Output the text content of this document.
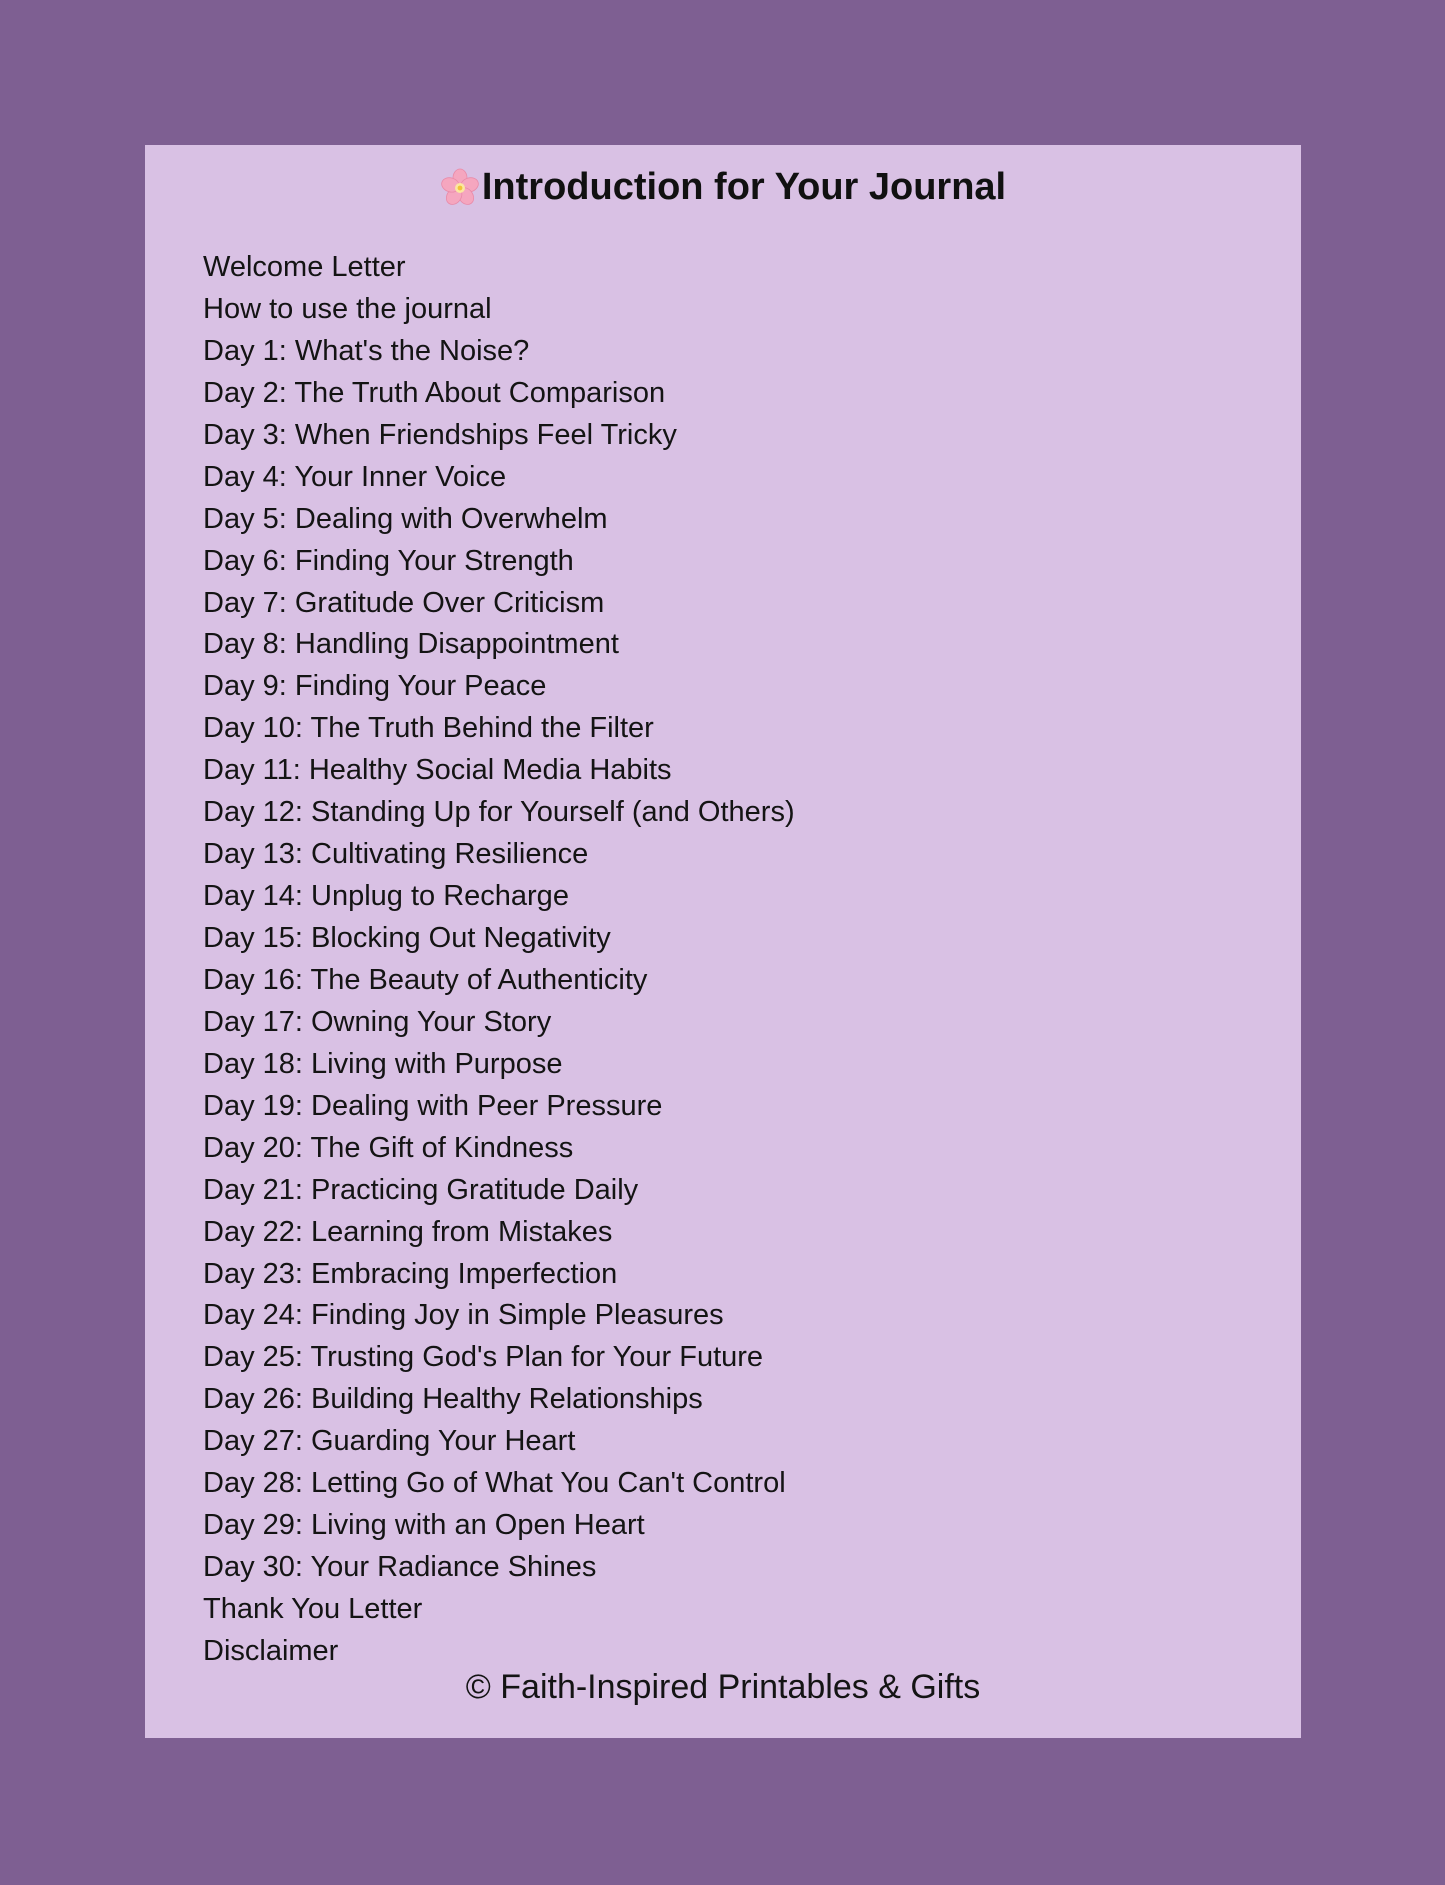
Introduction for Your Journal
Welcome Letter
How to use the journal
Day 1: What's the Noise?
Day 2: The Truth About Comparison
Day 3: When Friendships Feel Tricky
Day 4: Your Inner Voice
Day 5: Dealing with Overwhelm
Day 6: Finding Your Strength
Day 7: Gratitude Over Criticism
Day 8: Handling Disappointment
Day 9: Finding Your Peace
Day 10: The Truth Behind the Filter
Day 11: Healthy Social Media Habits
Day 12: Standing Up for Yourself (and Others)
Day 13: Cultivating Resilience
Day 14: Unplug to Recharge
Day 15: Blocking Out Negativity
Day 16: The Beauty of Authenticity
Day 17: Owning Your Story
Day 18: Living with Purpose
Day 19: Dealing with Peer Pressure
Day 20: The Gift of Kindness
Day 21: Practicing Gratitude Daily
Day 22: Learning from Mistakes
Day 23: Embracing Imperfection
Day 24: Finding Joy in Simple Pleasures
Day 25: Trusting God's Plan for Your Future
Day 26: Building Healthy Relationships
Day 27: Guarding Your Heart
Day 28: Letting Go of What You Can't Control
Day 29: Living with an Open Heart
Day 30: Your Radiance Shines
Thank You Letter
Disclaimer
© Faith-Inspired Printables & Gifts
